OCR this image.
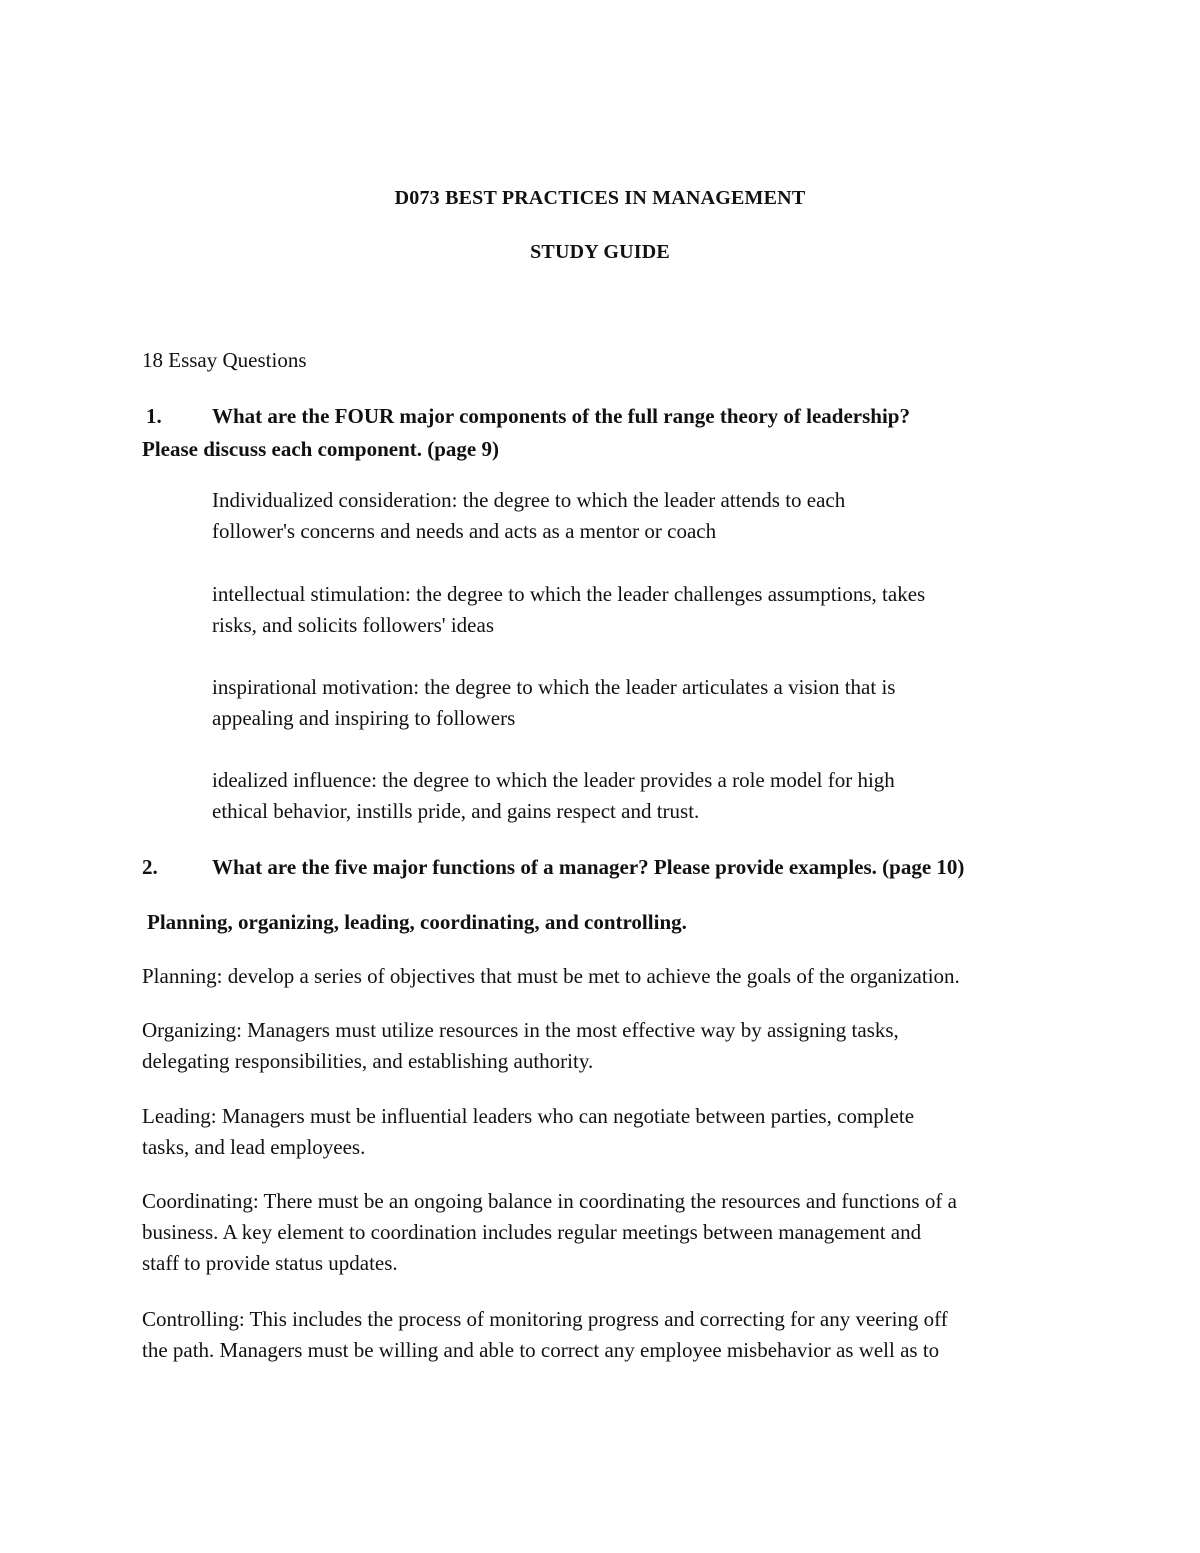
D073 BEST PRACTICES IN MANAGEMENT
STUDY GUIDE
18 Essay Questions
1. What are the FOUR major components of the full range theory of leadership?
Please discuss each component. (page 9)
Individualized consideration: the degree to which the leader attends to each
follower's concerns and needs and acts as a mentor or coach
intellectual stimulation: the degree to which the leader challenges assumptions, takes
risks, and solicits followers' ideas
inspirational motivation: the degree to which the leader articulates a vision that is
appealing and inspiring to followers
idealized influence: the degree to which the leader provides a role model for high
ethical behavior, instills pride, and gains respect and trust.
2.	What are the five major functions of a manager? Please provide examples. (page 10)
Planning, organizing, leading, coordinating, and controlling.
Planning: develop a series of objectives that must be met to achieve the goals of the organization.
Organizing: Managers must utilize resources in the most effective way by assigning tasks,
delegating responsibilities, and establishing authority.
Leading: Managers must be influential leaders who can negotiate between parties, complete
tasks, and lead employees.
Coordinating: There must be an ongoing balance in coordinating the resources and functions of a
business. A key element to coordination includes regular meetings between management and
staff to provide status updates.
Controlling: This includes the process of monitoring progress and correcting for any veering off
the path. Managers must be willing and able to correct any employee misbehavior as well as to
